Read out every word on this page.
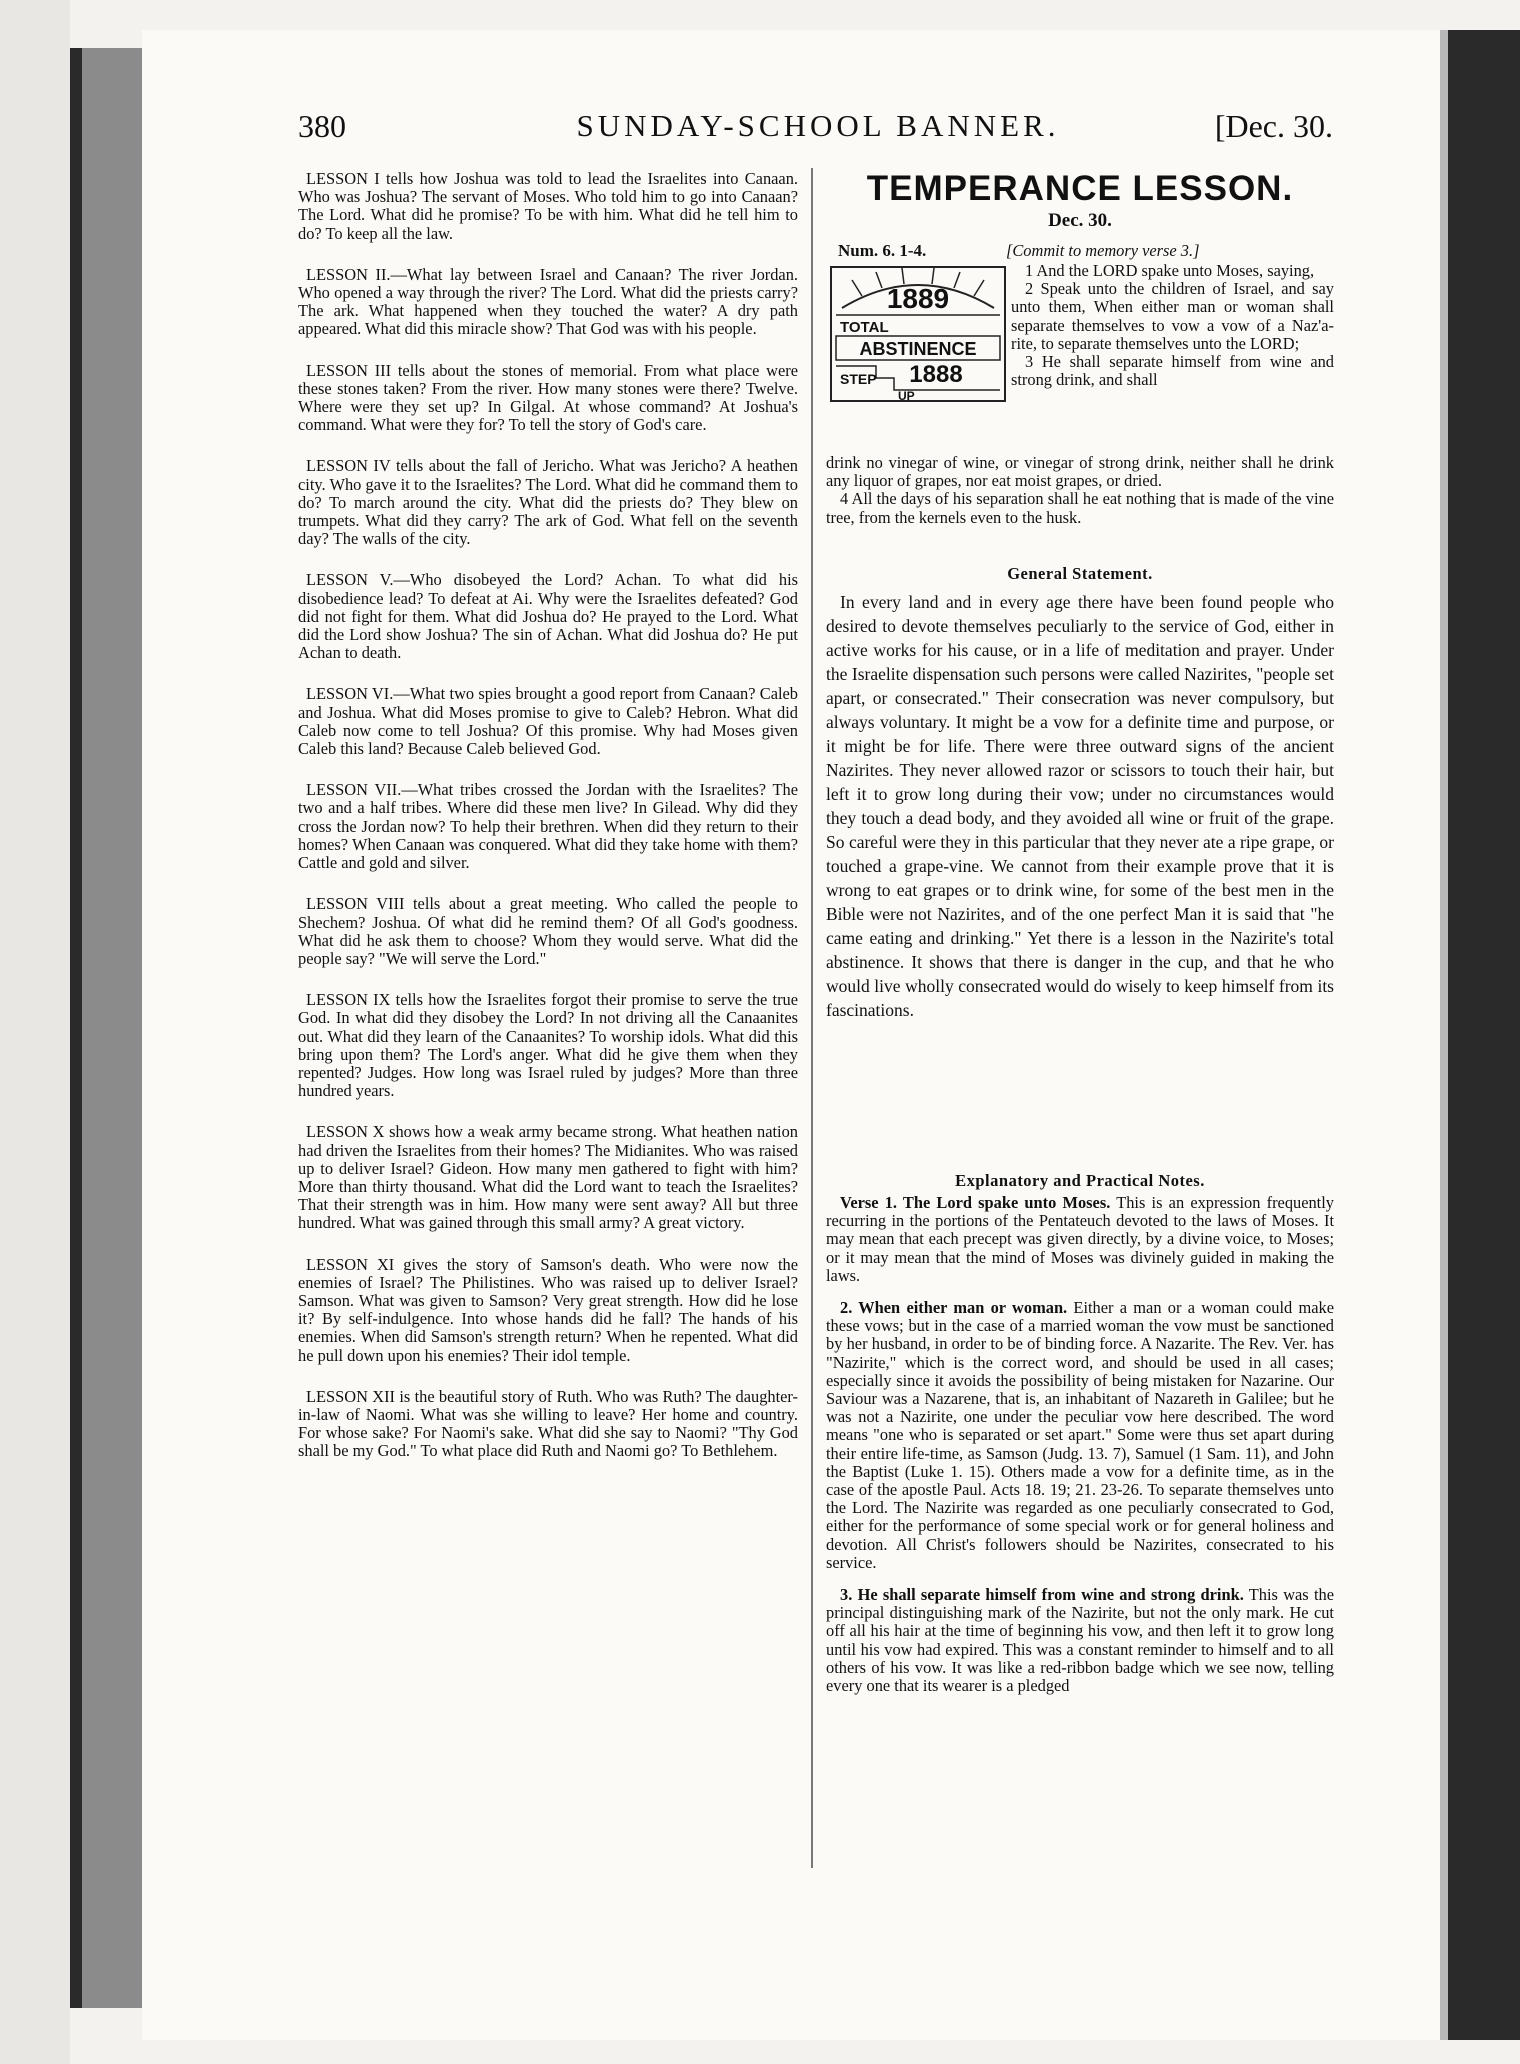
380	SUNDAY-SCHOOL BANNER.	[Dec. 30.

LESSON I tells how Joshua was told to lead the Israelites into Canaan. Who was Joshua? The servant of Moses. Who told him to go into Canaan? The Lord. What did he promise? To be with him. What did he tell him to do? To keep all the law.

LESSON II.—What lay between Israel and Canaan? The river Jordan. Who opened a way through the river? The Lord. What did the priests carry? The ark. What happened when they touched the water? A dry path appeared. What did this miracle show? That God was with his people.

LESSON III tells about the stones of memorial. From what place were these stones taken? From the river. How many stones were there? Twelve. Where were they set up? In Gilgal. At whose command? At Joshua's command. What were they for? To tell the story of God's care.

LESSON IV tells about the fall of Jericho. What was Jericho? A heathen city. Who gave it to the Israelites? The Lord. What did he command them to do? To march around the city. What did the priests do? They blew on trumpets. What did they carry? The ark of God. What fell on the seventh day? The walls of the city.

LESSON V.—Who disobeyed the Lord? Achan. To what did his disobedience lead? To defeat at Ai. Why were the Israelites defeated? God did not fight for them. What did Joshua do? He prayed to the Lord. What did the Lord show Joshua? The sin of Achan. What did Joshua do? He put Achan to death.

LESSON VI.—What two spies brought a good report from Canaan? Caleb and Joshua. What did Moses promise to give to Caleb? Hebron. What did Caleb now come to tell Joshua? Of this promise. Why had Moses given Caleb this land? Because Caleb believed God.

LESSON VII.—What tribes crossed the Jordan with the Israelites? The two and a half tribes. Where did these men live? In Gilead. Why did they cross the Jordan now? To help their brethren. When did they return to their homes? When Canaan was conquered. What did they take home with them? Cattle and gold and silver.

LESSON VIII tells about a great meeting. Who called the people to Shechem? Joshua. Of what did he remind them? Of all God's goodness. What did he ask them to choose? Whom they would serve. What did the people say? "We will serve the Lord."

LESSON IX tells how the Israelites forgot their promise to serve the true God. In what did they disobey the Lord? In not driving all the Canaanites out. What did they learn of the Canaanites? To worship idols. What did this bring upon them? The Lord's anger. What did he give them when they repented? Judges. How long was Israel ruled by judges? More than three hundred years.

LESSON X shows how a weak army became strong. What heathen nation had driven the Israelites from their homes? The Midianites. Who was raised up to deliver Israel? Gideon. How many men gathered to fight with him? More than thirty thousand. What did the Lord want to teach the Israelites? That their strength was in him. How many were sent away? All but three hundred. What was gained through this small army? A great victory.

LESSON XI gives the story of Samson's death. Who were now the enemies of Israel? The Philistines. Who was raised up to deliver Israel? Samson. What was given to Samson? Very great strength. How did he lose it? By self-indulgence. Into whose hands did he fall? The hands of his enemies. When did Samson's strength return? When he repented. What did he pull down upon his enemies? Their idol temple.

LESSON XII is the beautiful story of Ruth. Who was Ruth? The daughter-in-law of Naomi. What was she willing to leave? Her home and country. For whose sake? For Naomi's sake. What did she say to Naomi? "Thy God shall be my God." To what place did Ruth and Naomi go? To Bethlehem.

TEMPERANCE LESSON.
Dec. 30.
Num. 6. 1-4.	[Commit to memory verse 3.]
1889
TOTAL
ABSTINENCE
1888
STEP
UP

1 And the LORD spake unto Moses, saying,

2 Speak unto the children of Israel, and say unto them, When either man or woman shall separate themselves to vow a vow of a Naz'a-rite, to separate themselves unto the LORD;

3 He shall separate himself from wine and strong drink, and shall

drink no vinegar of wine, or vinegar of strong drink, neither shall he drink any liquor of grapes, nor eat moist grapes, or dried.

4 All the days of his separation shall he eat nothing that is made of the vine tree, from the kernels even to the husk.

General Statement.

In every land and in every age there have been found people who desired to devote themselves peculiarly to the service of God, either in active works for his cause, or in a life of meditation and prayer. Under the Israelite dispensation such persons were called Nazirites, "people set apart, or consecrated." Their consecration was never compulsory, but always voluntary. It might be a vow for a definite time and purpose, or it might be for life. There were three outward signs of the ancient Nazirites. They never allowed razor or scissors to touch their hair, but left it to grow long during their vow; under no circumstances would they touch a dead body, and they avoided all wine or fruit of the grape. So careful were they in this particular that they never ate a ripe grape, or touched a grape-vine. We cannot from their example prove that it is wrong to eat grapes or to drink wine, for some of the best men in the Bible were not Nazirites, and of the one perfect Man it is said that "he came eating and drinking." Yet there is a lesson in the Nazirite's total abstinence. It shows that there is danger in the cup, and that he who would live wholly consecrated would do wisely to keep himself from its fascinations.

Explanatory and Practical Notes.

Verse 1. The Lord spake unto Moses. This is an expression frequently recurring in the portions of the Pentateuch devoted to the laws of Moses. It may mean that each precept was given directly, by a divine voice, to Moses; or it may mean that the mind of Moses was divinely guided in making the laws.

2. When either man or woman. Either a man or a woman could make these vows; but in the case of a married woman the vow must be sanctioned by her husband, in order to be of binding force. A Nazarite. The Rev. Ver. has "Nazirite," which is the correct word, and should be used in all cases; especially since it avoids the possibility of being mistaken for Nazarine. Our Saviour was a Nazarene, that is, an inhabitant of Nazareth in Galilee; but he was not a Nazirite, one under the peculiar vow here described. The word means "one who is separated or set apart." Some were thus set apart during their entire life-time, as Samson (Judg. 13. 7), Samuel (1 Sam. 11), and John the Baptist (Luke 1. 15). Others made a vow for a definite time, as in the case of the apostle Paul. Acts 18. 19; 21. 23-26. To separate themselves unto the Lord. The Nazirite was regarded as one peculiarly consecrated to God, either for the performance of some special work or for general holiness and devotion. All Christ's followers should be Nazirites, consecrated to his service.

3. He shall separate himself from wine and strong drink. This was the principal distinguishing mark of the Nazirite, but not the only mark. He cut off all his hair at the time of beginning his vow, and then left it to grow long until his vow had expired. This was a constant reminder to himself and to all others of his vow. It was like a red-ribbon badge which we see now, telling every one that its wearer is a pledged
